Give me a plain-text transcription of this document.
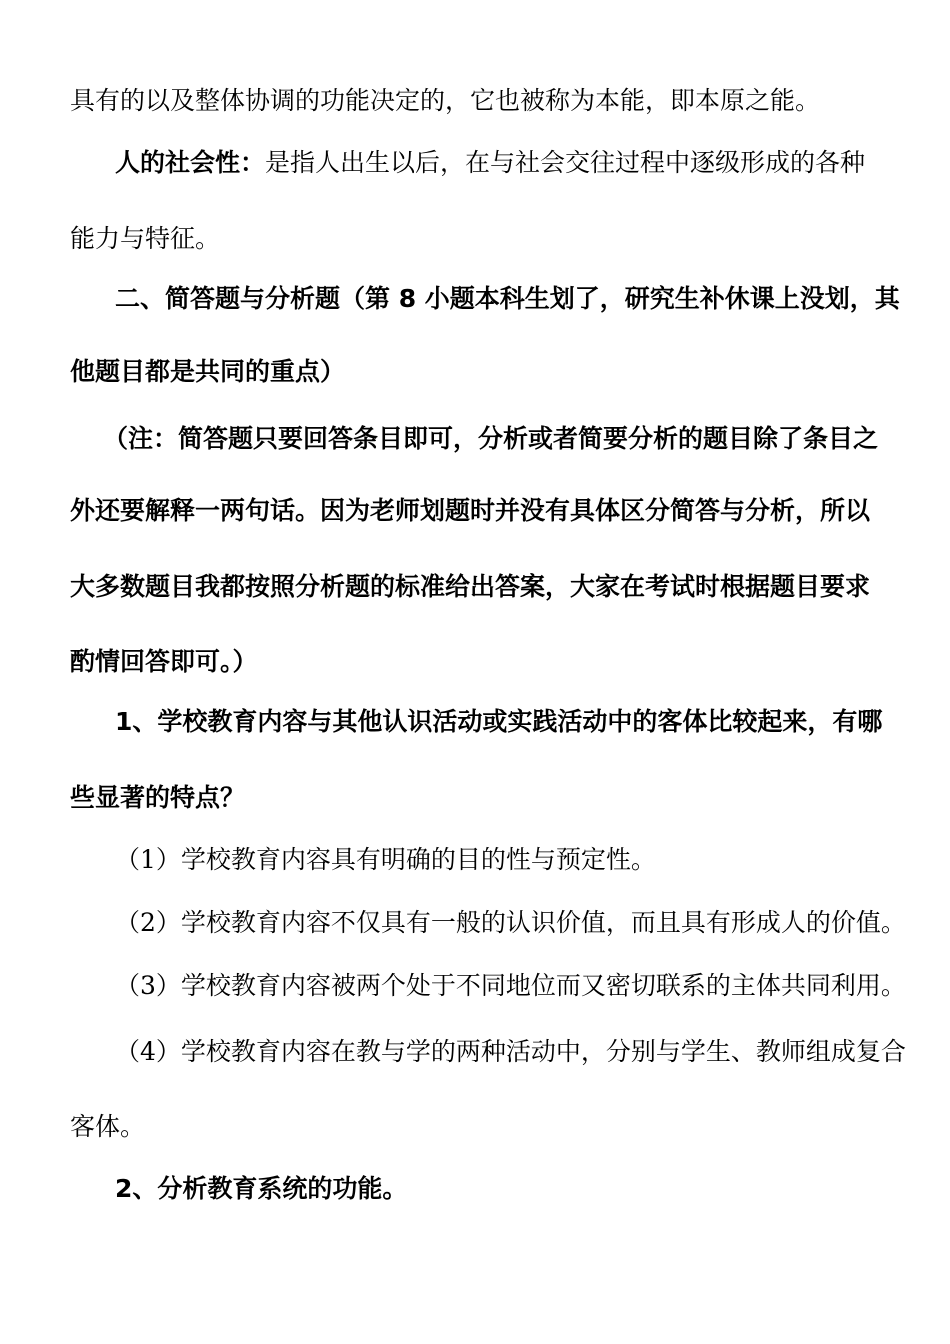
具有的以及整体协调的功能决定的，它也被称为本能，即本原之能。
人的社会性：是指人出生以后，在与社会交往过程中逐级形成的各种
能力与特征。
二、简答题与分析题（第 8 小题本科生划了，研究生补休课上没划，其
他题目都是共同的重点）
（注：简答题只要回答条目即可，分析或者简要分析的题目除了条目之
外还要解释一两句话。因为老师划题时并没有具体区分简答与分析，所以
大多数题目我都按照分析题的标准给出答案，大家在考试时根据题目要求
酌情回答即可。）
1、学校教育内容与其他认识活动或实践活动中的客体比较起来，有哪
些显著的特点？
（1）学校教育内容具有明确的目的性与预定性。
（2）学校教育内容不仅具有一般的认识价值，而且具有形成人的价值。
（3）学校教育内容被两个处于不同地位而又密切联系的主体共同利用。
（4）学校教育内容在教与学的两种活动中，分别与学生、教师组成复合
客体。
2、分析教育系统的功能。
